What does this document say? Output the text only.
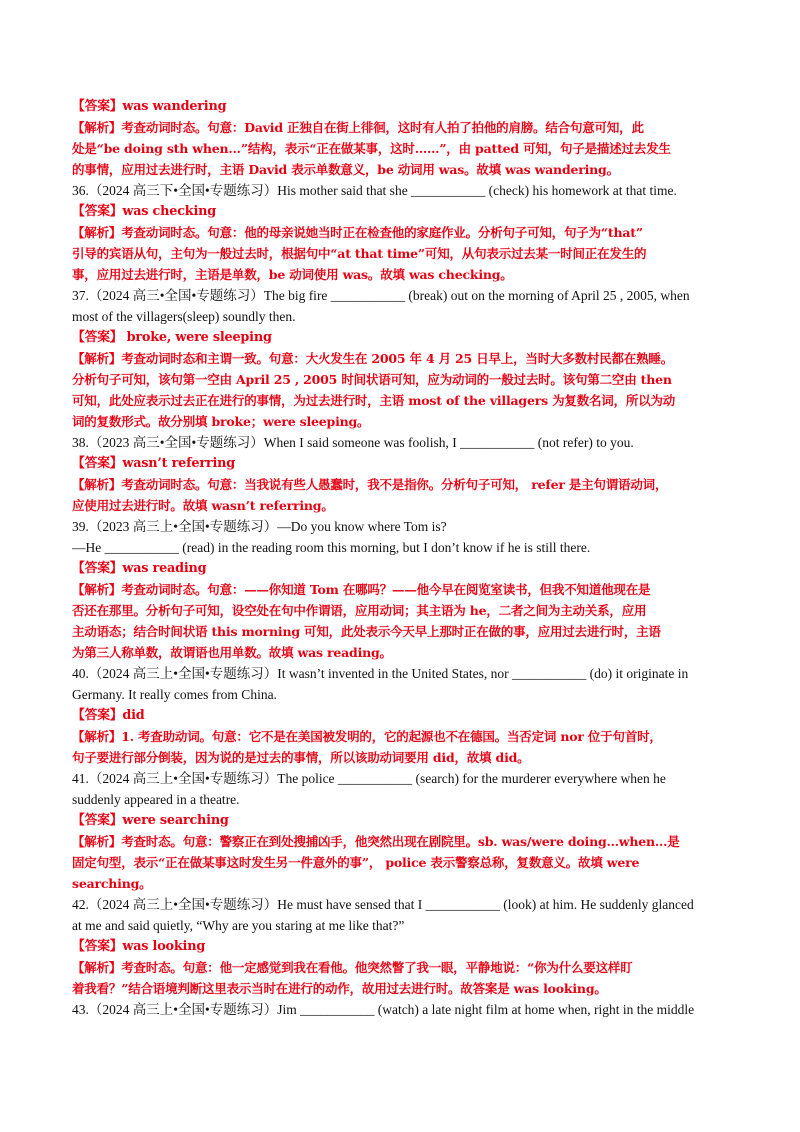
【答案】was wandering
【解析】考查动词时态。句意：David 正独自在街上徘徊，这时有人拍了拍他的肩膀。结合句意可知，此
处是“be doing sth when...”结构，表示“正在做某事，这时……”，由 patted 可知，句子是描述过去发生
的事情，应用过去进行时，主语 David 表示单数意义，be 动词用 was。故填 was wandering。
36.（2024 高三下•全国•专题练习）His mother said that she ___________ (check) his homework at that time.
【答案】was checking
【解析】考查动词时态。句意：他的母亲说她当时正在检查他的家庭作业。分析句子可知，句子为“that”
引导的宾语从句，主句为一般过去时，根据句中“at that time”可知，从句表示过去某一时间正在发生的
事，应用过去进行时，主语是单数，be 动词使用 was。故填 was checking。
37.（2024 高三•全国•专题练习）The big fire ___________ (break) out on the morning of April 25 , 2005, when
most of the villagers(sleep) soundly then.
【答案】 broke, were sleeping
【解析】考查动词时态和主谓一致。句意：大火发生在 2005 年 4 月 25 日早上，当时大多数村民都在熟睡。
分析句子可知，该句第一空由 April 25 , 2005 时间状语可知，应为动词的一般过去时。该句第二空由 then
可知，此处应表示过去正在进行的事情，为过去进行时，主语 most of the villagers 为复数名词，所以为动
词的复数形式。故分别填 broke；were sleeping。
38.（2023 高三•全国•专题练习）When I said someone was foolish, I ___________ (not refer) to you.
【答案】wasn’t referring
【解析】考查动词时态。句意：当我说有些人愚蠢时，我不是指你。分析句子可知， refer 是主句谓语动词，
应使用过去进行时。故填 wasn’t referring。
39.（2023 高三上•全国•专题练习）—Do you know where Tom is?
—He ___________ (read) in the reading room this morning, but I don’t know if he is still there.
【答案】was reading
【解析】考查动词时态。句意：——你知道 Tom 在哪吗？——他今早在阅览室读书，但我不知道他现在是
否还在那里。分析句子可知，设空处在句中作谓语，应用动词；其主语为 he，二者之间为主动关系，应用
主动语态；结合时间状语 this morning 可知，此处表示今天早上那时正在做的事，应用过去进行时，主语
为第三人称单数，故谓语也用单数。故填 was reading。
40.（2024 高三上•全国•专题练习）It wasn’t invented in the United States, nor ___________ (do) it originate in
Germany. It really comes from China.
【答案】did
【解析】1. 考查助动词。句意：它不是在美国被发明的，它的起源也不在德国。当否定词 nor 位于句首时，
句子要进行部分倒装，因为说的是过去的事情，所以该助动词要用 did，故填 did。
41.（2024 高三上•全国•专题练习）The police ___________ (search) for the murderer everywhere when he
suddenly appeared in a theatre.
【答案】were searching
【解析】考查时态。句意：警察正在到处搜捕凶手，他突然出现在剧院里。sb. was/were doing…when…是
固定句型，表示“正在做某事这时发生另一件意外的事”， police 表示警察总称，复数意义。故填 were
searching。
42.（2024 高三上•全国•专题练习）He must have sensed that I ___________ (look) at him. He suddenly glanced
at me and said quietly, “Why are you staring at me like that?”
【答案】was looking
【解析】考查时态。句意：他一定感觉到我在看他。他突然瞥了我一眼，平静地说：“你为什么要这样盯
着我看？”结合语境判断这里表示当时在进行的动作，故用过去进行时。故答案是 was looking。
43.（2024 高三上•全国•专题练习）Jim ___________ (watch) a late night film at home when, right in the middle
